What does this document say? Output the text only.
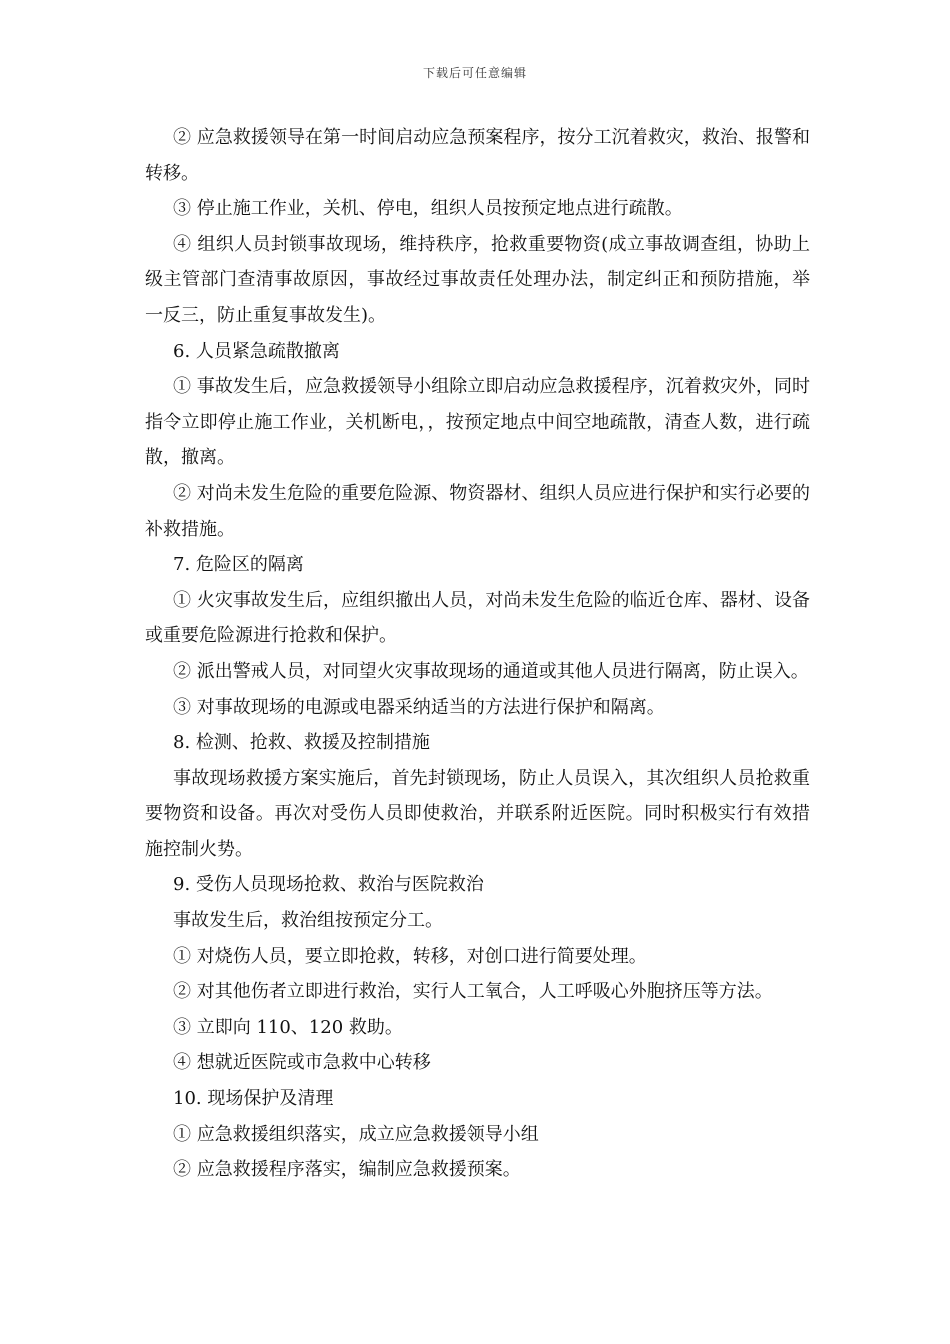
下载后可任意编辑

② 应急救援领导在第一时间启动应急预案程序，按分工沉着救灾，救治、报警和转移。

③ 停止施工作业，关机、停电，组织人员按预定地点进行疏散。

④ 组织人员封锁事故现场，维持秩序，抢救重要物资(成立事故调查组，协助上级主管部门查清事故原因，事故经过事故责任处理办法，制定纠正和预防措施，举一反三，防止重复事故发生)。

6. 人员紧急疏散撤离

① 事故发生后，应急救援领导小组除立即启动应急救援程序，沉着救灾外，同时指令立即停止施工作业，关机断电，，按预定地点中间空地疏散，清查人数，进行疏散，撤离。

② 对尚未发生危险的重要危险源、物资器材、组织人员应进行保护和实行必要的补救措施。

7. 危险区的隔离

① 火灾事故发生后，应组织撤出人员，对尚未发生危险的临近仓库、器材、设备或重要危险源进行抢救和保护。

② 派出警戒人员，对同望火灾事故现场的通道或其他人员进行隔离，防止误入。

③ 对事故现场的电源或电器采纳适当的方法进行保护和隔离。

8. 检测、抢救、救援及控制措施

事故现场救援方案实施后，首先封锁现场，防止人员误入，其次组织人员抢救重要物资和设备。再次对受伤人员即使救治，并联系附近医院。同时积极实行有效措施控制火势。

9. 受伤人员现场抢救、救治与医院救治

事故发生后，救治组按预定分工。

① 对烧伤人员，要立即抢救，转移，对创口进行简要处理。

② 对其他伤者立即进行救治，实行人工氧合，人工呼吸心外胞挤压等方法。

③ 立即向 110、120 救助。

④ 想就近医院或市急救中心转移

10. 现场保护及清理

① 应急救援组织落实，成立应急救援领导小组

② 应急救援程序落实，编制应急救援预案。
